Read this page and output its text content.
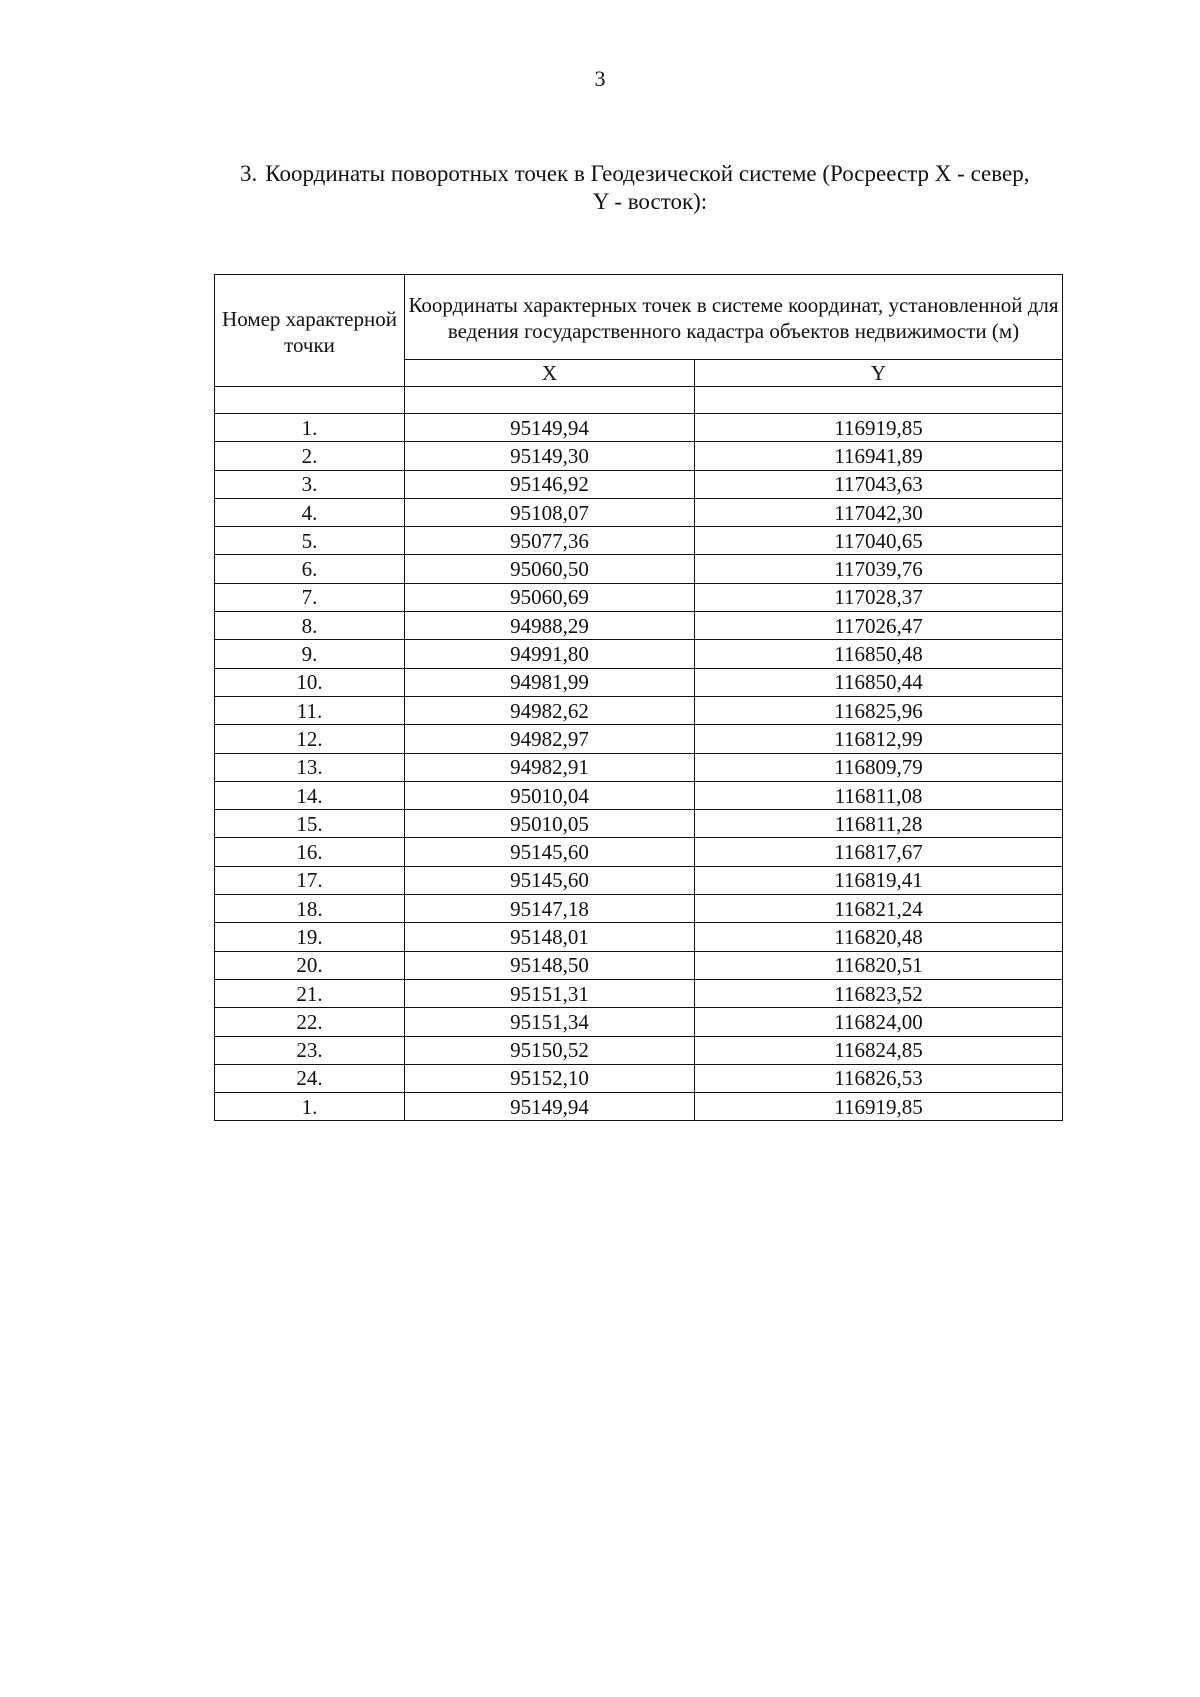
3
3. Координаты поворотных точек в Геодезической системе (Росреестр X - север,
Y - восток):
Номер характерной точки	Координаты характерных точек в системе координат, установленной для ведения государственного кадастра объектов недвижимости (м)	
	X	Y

1.	95149,94	116919,85
2.	95149,30	116941,89
3.	95146,92	117043,63
4.	95108,07	117042,30
5.	95077,36	117040,65
6.	95060,50	117039,76
7.	95060,69	117028,37
8.	94988,29	117026,47
9.	94991,80	116850,48
10.	94981,99	116850,44
11.	94982,62	116825,96
12.	94982,97	116812,99
13.	94982,91	116809,79
14.	95010,04	116811,08
15.	95010,05	116811,28
16.	95145,60	116817,67
17.	95145,60	116819,41
18.	95147,18	116821,24
19.	95148,01	116820,48
20.	95148,50	116820,51
21.	95151,31	116823,52
22.	95151,34	116824,00
23.	95150,52	116824,85
24.	95152,10	116826,53
1.	95149,94	116919,85
